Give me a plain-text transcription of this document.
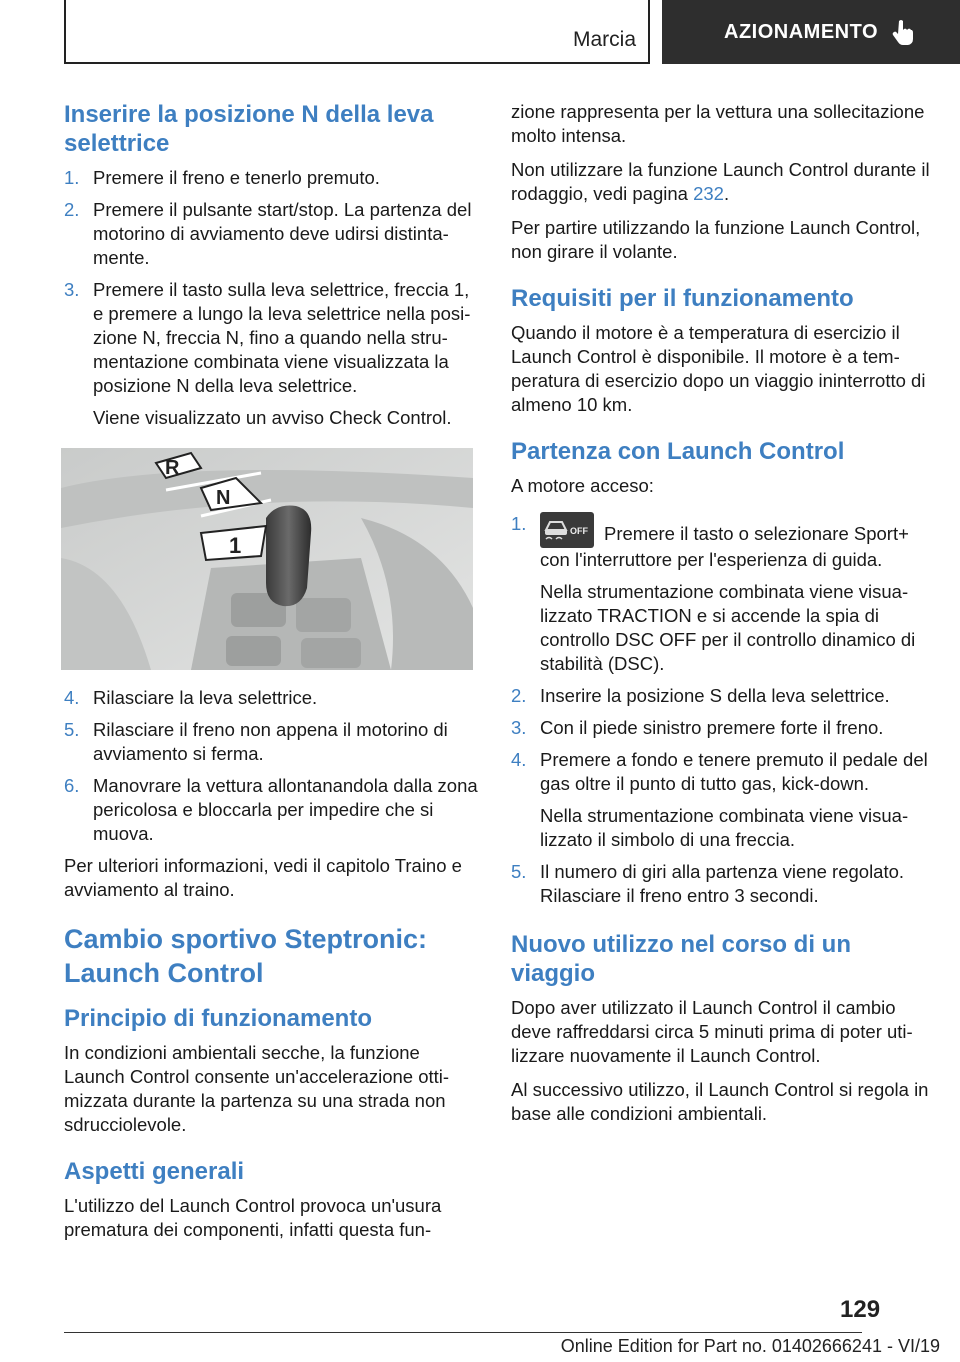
Marcia	AZIONAMENTO
Inserire la posizione N della leva selettrice
1. Premere il freno e tenerlo premuto.
2. Premere il pulsante start/stop. La partenza del motorino di avviamento deve udirsi distintamente.
3. Premere il tasto sulla leva selettrice, freccia 1, e premere a lungo la leva selettrice nella posizione N, freccia N, fino a quando nella strumentazione combinata viene visualizzata la posizione N della leva selettrice.
Viene visualizzato un avviso Check Control.
R
N
1
4. Rilasciare la leva selettrice.
5. Rilasciare il freno non appena il motorino di avviamento si ferma.
6. Manovrare la vettura allontanandola dalla zona pericolosa e bloccarla per impedire che si muova.

Per ulteriori informazioni, vedi il capitolo Traino e avviamento al traino.

Cambio sportivo Steptronic: Launch Control
Principio di funzionamento

In condizioni ambientali secche, la funzione Launch Control consente un'accelerazione ottimizzata durante la partenza su una strada non sdrucciolevole.

Aspetti generali

L'utilizzo del Launch Control provoca un'usura prematura dei componenti, infatti questa fun-

zione rappresenta per la vettura una sollecitazione molto intensa.

Non utilizzare la funzione Launch Control durante il rodaggio, vedi pagina 232.

Per partire utilizzando la funzione Launch Control, non girare il volante.

Requisiti per il funzionamento

Quando il motore è a temperatura di esercizio il Launch Control è disponibile. Il motore è a temperatura di esercizio dopo un viaggio ininterrotto di almeno 10 km.

Partenza con Launch Control

A motore acceso:

1.	OFF Premere il tasto o selezionare Sport+ con l'interruttore per l'esperienza di guida.
Nella strumentazione combinata viene visualizzato TRACTION e si accende la spia di controllo DSC OFF per il controllo dinamico di stabilità (DSC).
2. Inserire la posizione S della leva selettrice.
3. Con il piede sinistro premere forte il freno.
4. Premere a fondo e tenere premuto il pedale del gas oltre il punto di tutto gas, kick-down.
Nella strumentazione combinata viene visualizzato il simbolo di una freccia.
5. Il numero di giri alla partenza viene regolato. Rilasciare il freno entro 3 secondi.
Nuovo utilizzo nel corso di un viaggio

Dopo aver utilizzato il Launch Control il cambio deve raffreddarsi circa 5 minuti prima di poter utilizzare nuovamente il Launch Control.

Al successivo utilizzo, il Launch Control si regola in base alle condizioni ambientali.

129
Online Edition for Part no. 01402666241 - VI/19
